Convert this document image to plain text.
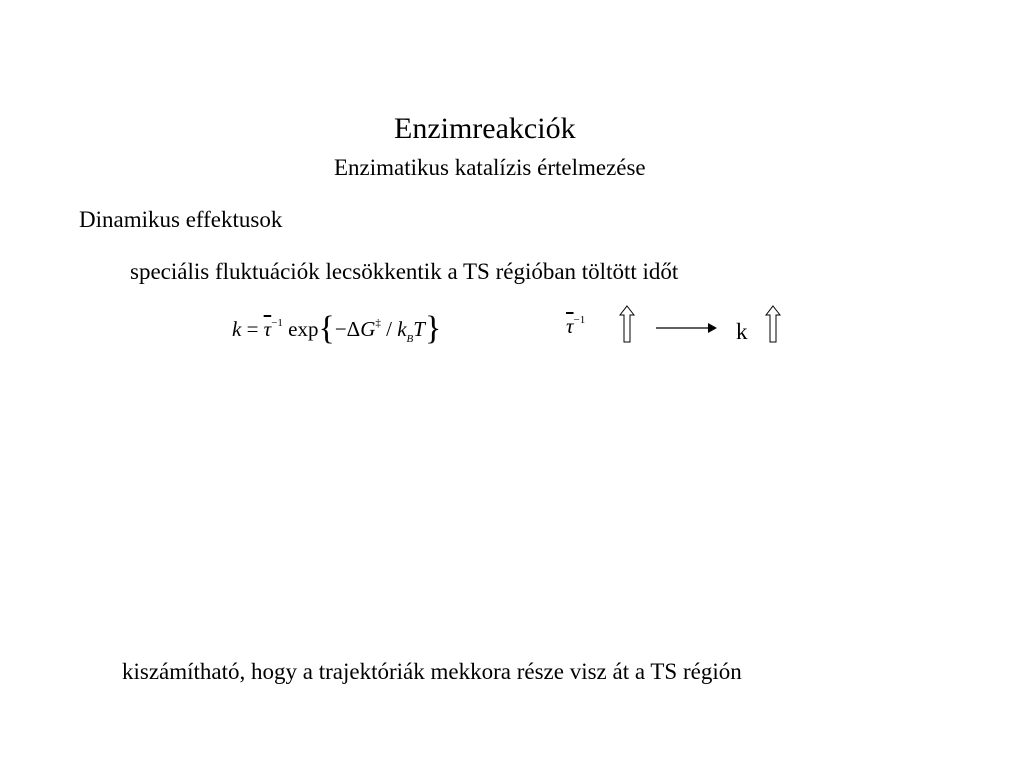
Enzimreakciók
Enzimatikus katalízis értelmezése
Dinamikus effektusok
speciális fluktuációk lecsökkentik a TS régióban töltött időt
$k = \overline{\tau}^{-1}$ $\exp\{-\Delta G^\ddagger / k_BT\}$	$\overline{\tau}^{-1}$	k
kiszámítható, hogy a trajektóriák mekkora része visz át a TS régión
